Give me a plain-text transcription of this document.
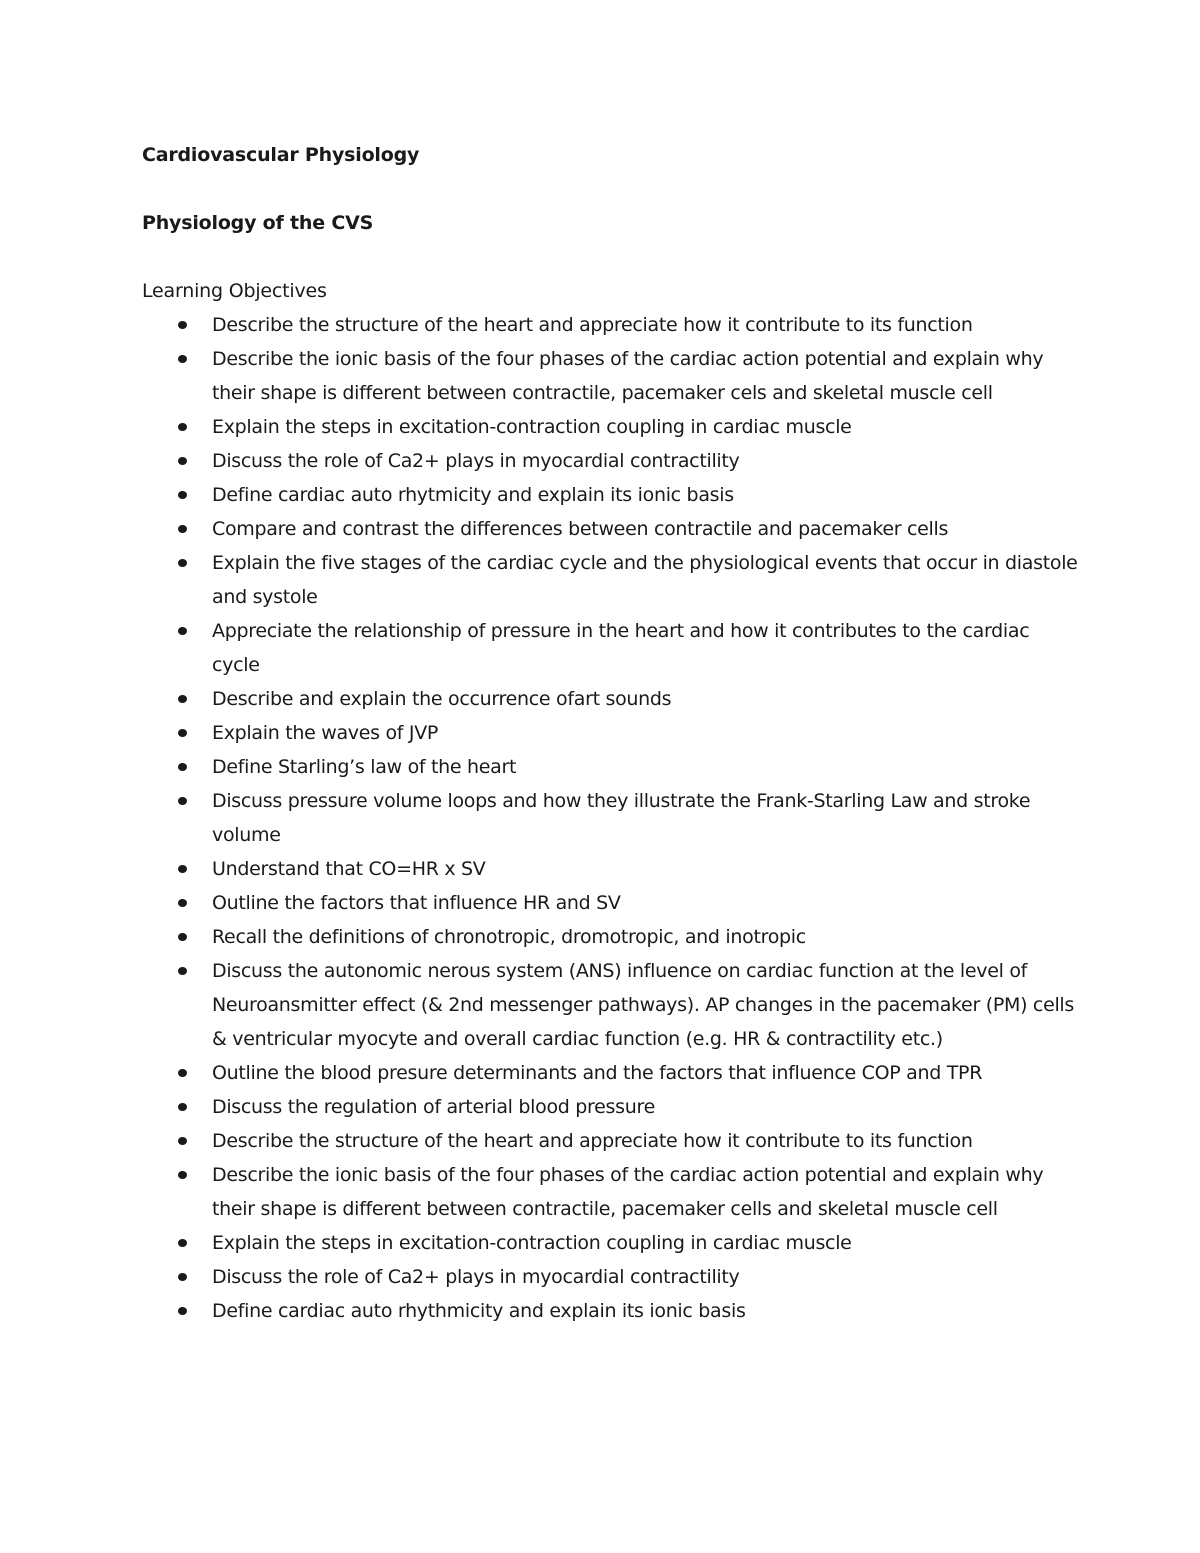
Cardiovascular Physiology

Physiology of the CVS

Learning Objectives

Describe the structure of the heart and appreciate how it contribute to its function
Describe the ionic basis of the four phases of the cardiac action potential and explain why their shape is different between contractile, pacemaker cels and skeletal muscle cell
Explain the steps in excitation-contraction coupling in cardiac muscle
Discuss the role of Ca2+ plays in myocardial contractility
Define cardiac auto rhytmicity and explain its ionic basis
Compare and contrast the differences between contractile and pacemaker cells
Explain the five stages of the cardiac cycle and the physiological events that occur in diastole and systole
Appreciate the relationship of pressure in the heart and how it contributes to the cardiac cycle
Describe and explain the occurrence ofart sounds
Explain the waves of JVP
Define Starling’s law of the heart
Discuss pressure volume loops and how they illustrate the Frank-Starling Law and stroke volume
Understand that CO=HR x SV
Outline the factors that influence HR and SV
Recall the definitions of chronotropic, dromotropic, and inotropic
Discuss the autonomic nerous system (ANS) influence on cardiac function at the level of Neuroansmitter effect (& 2nd messenger pathways). AP changes in the pacemaker (PM) cells & ventricular myocyte and overall cardiac function (e.g. HR & contractility etc.)
Outline the blood presure determinants and the factors that influence COP and TPR
Discuss the regulation of arterial blood pressure
Describe the structure of the heart and appreciate how it contribute to its function
Describe the ionic basis of the four phases of the cardiac action potential and explain why their shape is different between contractile, pacemaker cells and skeletal muscle cell
Explain the steps in excitation-contraction coupling in cardiac muscle
Discuss the role of Ca2+ plays in myocardial contractility
Define cardiac auto rhythmicity and explain its ionic basis
